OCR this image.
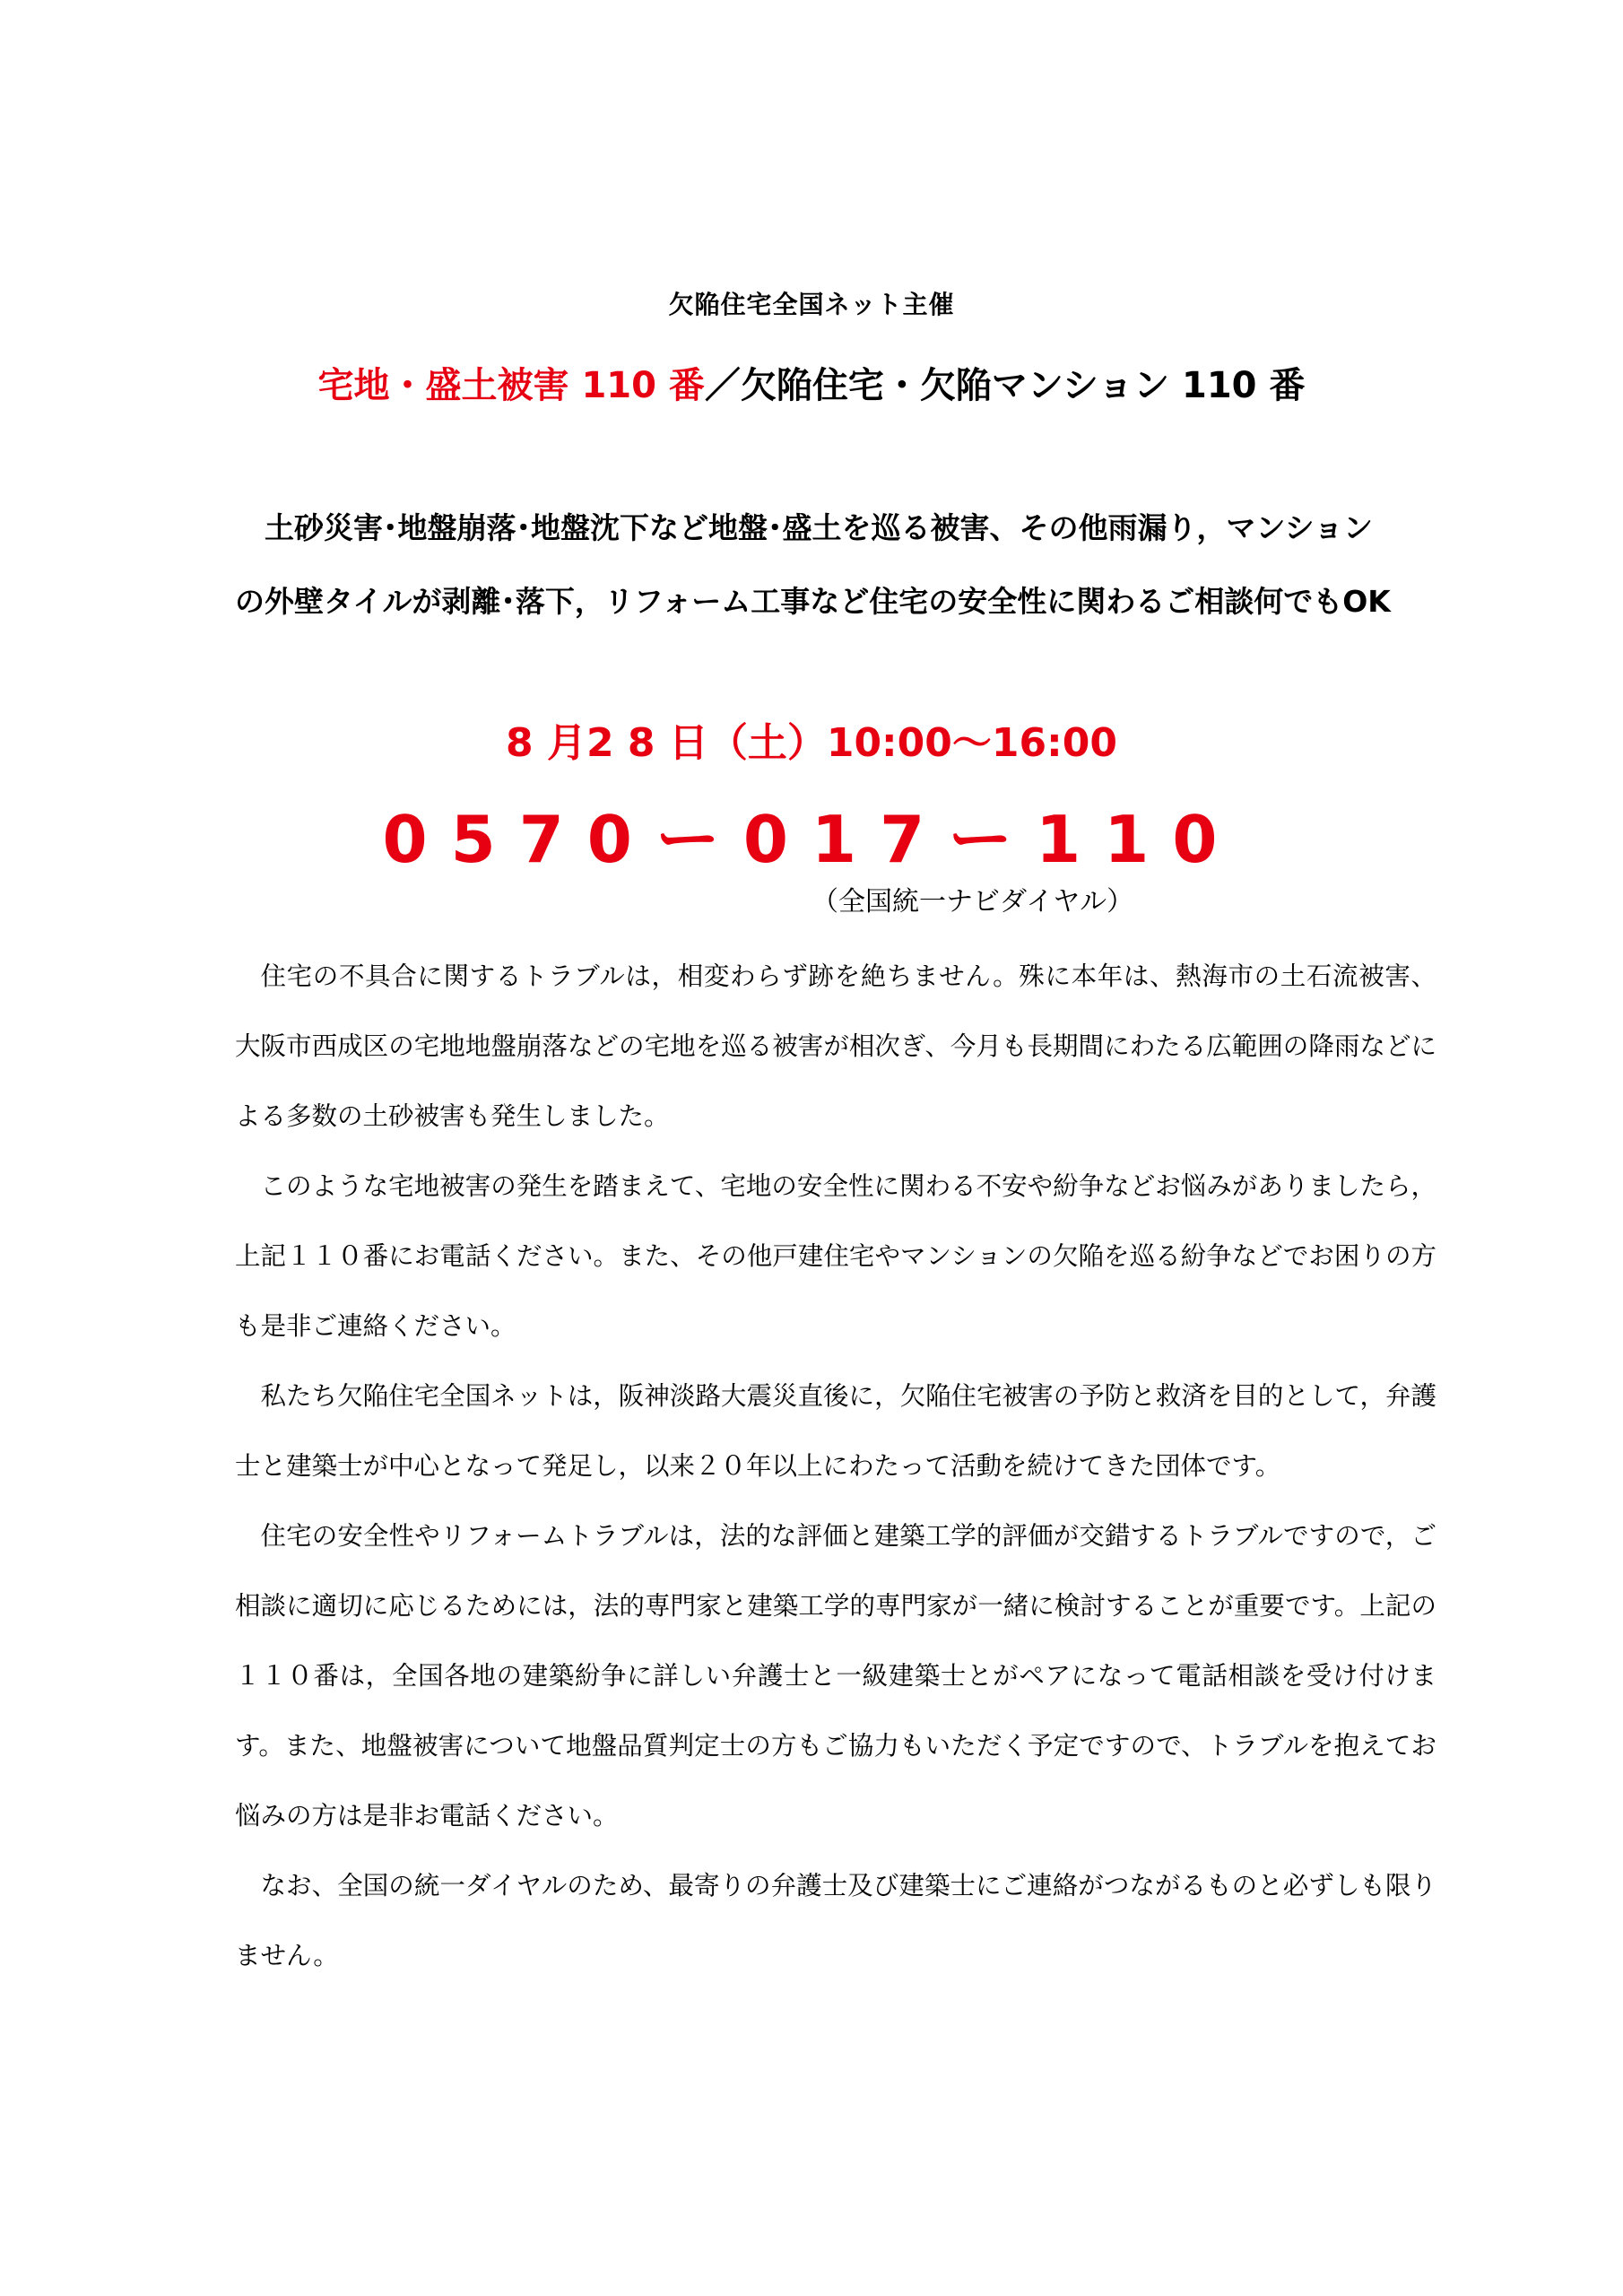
欠陥住宅全国ネット主催
宅地・盛土被害 110 番／欠陥住宅・欠陥マンション 110 番
土砂災害･地盤崩落･地盤沈下など地盤･盛土を巡る被害、その他雨漏り，マンション
の外壁タイルが剥離･落下，リフォーム工事など住宅の安全性に関わるご相談何でもOK
8 月2 8 日（土）10:00〜16:00
0570ー017ー110
（全国統一ナビダイヤル）

住宅の不具合に関するトラブルは，相変わらず跡を絶ちません。殊に本年は、熱海市の土石流被害、大阪市西成区の宅地地盤崩落などの宅地を巡る被害が相次ぎ、今月も長期間にわたる広範囲の降雨などによる多数の土砂被害も発生しました。

このような宅地被害の発生を踏まえて、宅地の安全性に関わる不安や紛争などお悩みがありましたら，上記１１０番にお電話ください。また、その他戸建住宅やマンションの欠陥を巡る紛争などでお困りの方も是非ご連絡ください。

私たち欠陥住宅全国ネットは，阪神淡路大震災直後に，欠陥住宅被害の予防と救済を目的として，弁護士と建築士が中心となって発足し，以来２０年以上にわたって活動を続けてきた団体です。

住宅の安全性やリフォームトラブルは，法的な評価と建築工学的評価が交錯するトラブルですので，ご相談に適切に応じるためには，法的専門家と建築工学的専門家が一緒に検討することが重要です。上記の１１０番は，全国各地の建築紛争に詳しい弁護士と一級建築士とがペアになって電話相談を受け付けます。また、地盤被害について地盤品質判定士の方もご協力もいただく予定ですので、トラブルを抱えてお悩みの方は是非お電話ください。

なお、全国の統一ダイヤルのため、最寄りの弁護士及び建築士にご連絡がつながるものと必ずしも限りません。
